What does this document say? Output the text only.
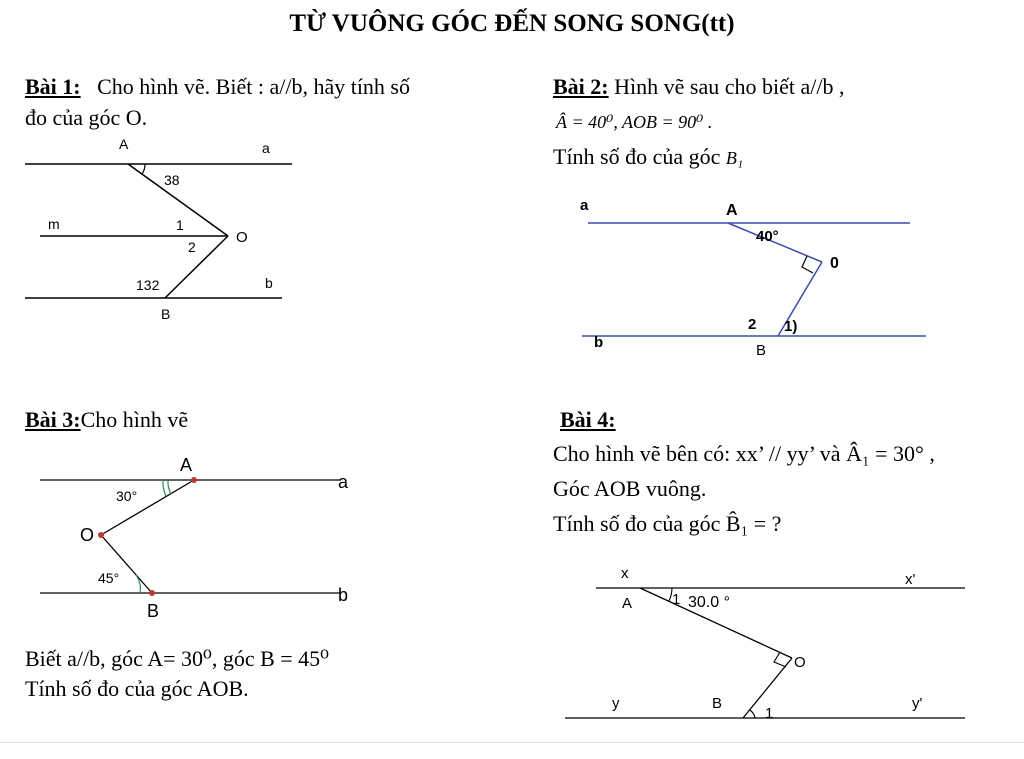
TỪ VUÔNG GÓC ĐẾN SONG SONG(tt)
Bài 1: Cho hình vẽ. Biết : a//b, hãy tính số
đo của góc O.
A	a
38
m	1
2
O
132	b
B
Bài 2: Hình vẽ sau cho biết a//b ,
Â = 40⁰, AOB = 90⁰ .
Tính số đo của góc B₁
a	A
40°
0
2 1)
b	B
Bài 3:Cho hình vẽ
A
a
30°
O
45°
b
B
Biết a//b, góc A= 30⁰, góc B = 45⁰
Tính số đo của góc AOB.
Bài 4:
Cho hình vẽ bên có: xx’ // yy’ và Â₁ = 30° ,
Góc AOB vuông.
Tính số đo của góc B̂₁ = ?
x	x'
A	1 30.0 °
O
y	B
1
y'
